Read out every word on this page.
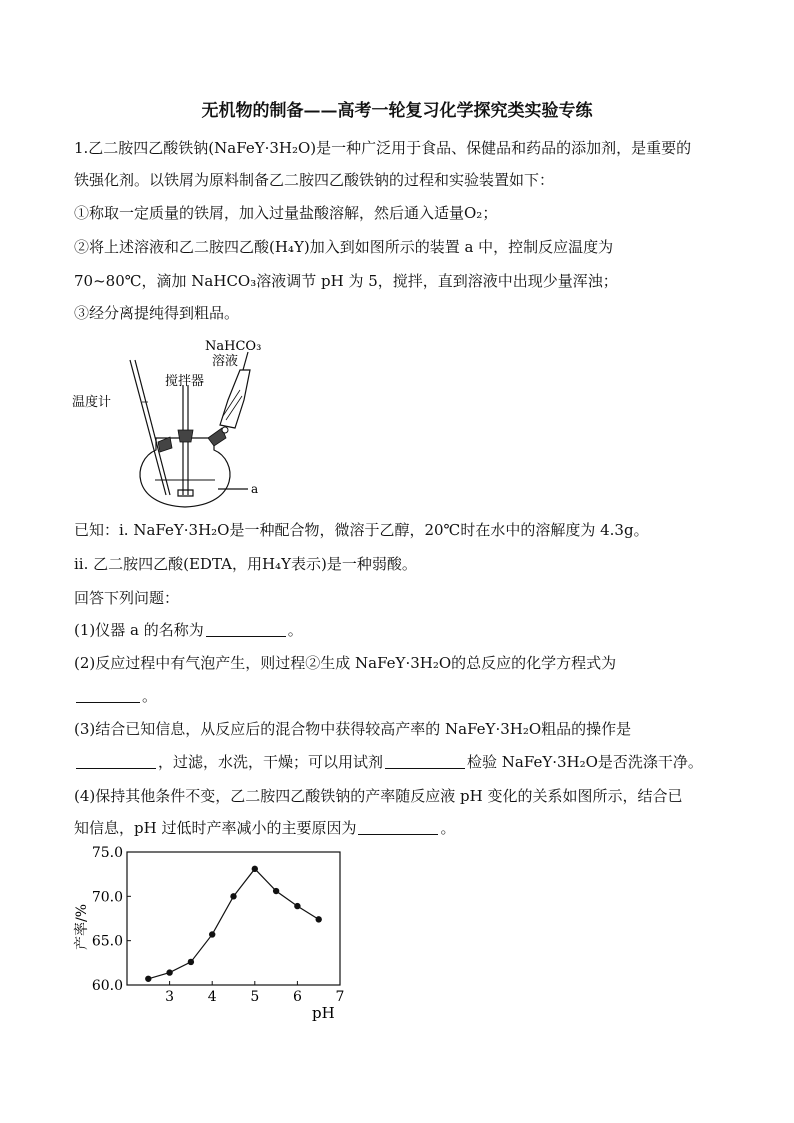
无机物的制备——高考一轮复习化学探究类实验专练
1.乙二胺四乙酸铁钠(NaFeY·3H₂O)是一种广泛用于食品、保健品和药品的添加剂，是重要的
铁强化剂。以铁屑为原料制备乙二胺四乙酸铁钠的过程和实验装置如下：
①称取一定质量的铁屑，加入过量盐酸溶解，然后通入适量O₂；
②将上述溶液和乙二胺四乙酸(H₄Y)加入到如图所示的装置 a 中，控制反应温度为
70~80℃，滴加 NaHCO₃溶液调节 pH 为 5，搅拌，直到溶液中出现少量浑浊；
③经分离提纯得到粗品。
NaHCO₃
溶液
搅拌器
温度计
a
已知：i. NaFeY·3H₂O是一种配合物，微溶于乙醇，20℃时在水中的溶解度为 4.3g。
ii. 乙二胺四乙酸(EDTA，用H₄Y表示)是一种弱酸。
回答下列问题：
(1)仪器 a 的名称为	。
(2)反应过程中有气泡产生，则过程②生成 NaFeY·3H₂O的总反应的化学方程式为
。
(3)结合已知信息，从反应后的混合物中获得较高产率的 NaFeY·3H₂O粗品的操作是
，过滤，水洗，干燥；可以用试剂	检验 NaFeY·3H₂O是否洗涤干净。
(4)保持其他条件不变，乙二胺四乙酸铁钠的产率随反应液 pH 变化的关系如图所示，结合已
知信息，pH 过低时产率减小的主要原因为	。
3 4 5 6 7
60.0
65.0
70.0
75.0
pH
产率/%
